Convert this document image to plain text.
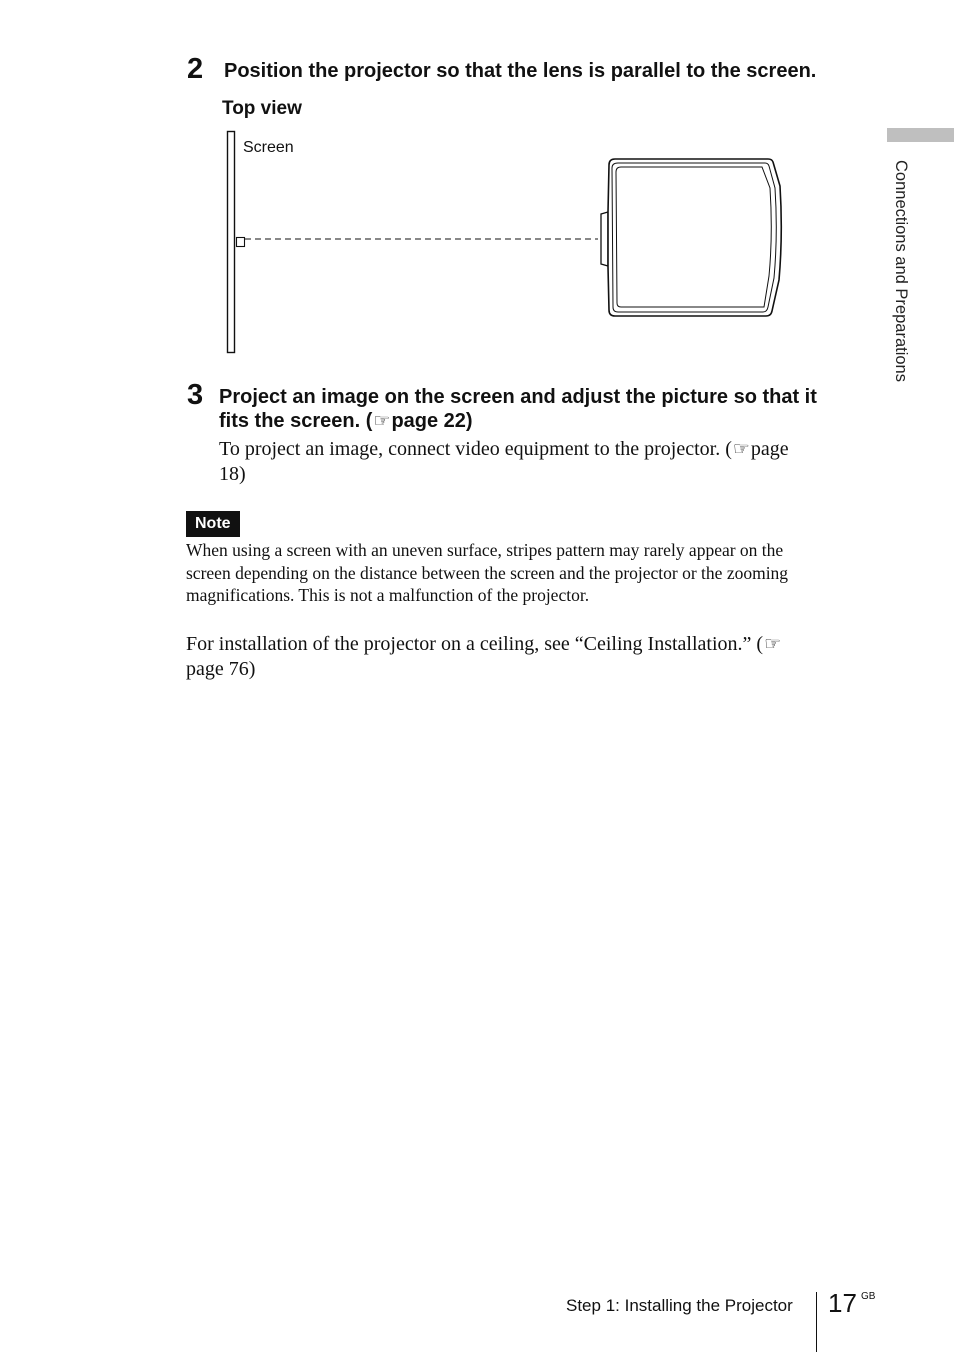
Connections and Preparations
2 Position the projector so that the lens is parallel to the screen.
Top view
Screen
3 Project an image on the screen and adjust the picture so that it
fits the screen. (☞page 22)
To project an image, connect video equipment to the projector. (☞page
18)
Note
When using a screen with an uneven surface, stripes pattern may rarely appear on the
screen depending on the distance between the screen and the projector or the zooming
magnifications. This is not a malfunction of the projector.
For installation of the projector on a ceiling, see “Ceiling Installation.” (☞
page 76)
Step 1: Installing the Projector 17 GB
